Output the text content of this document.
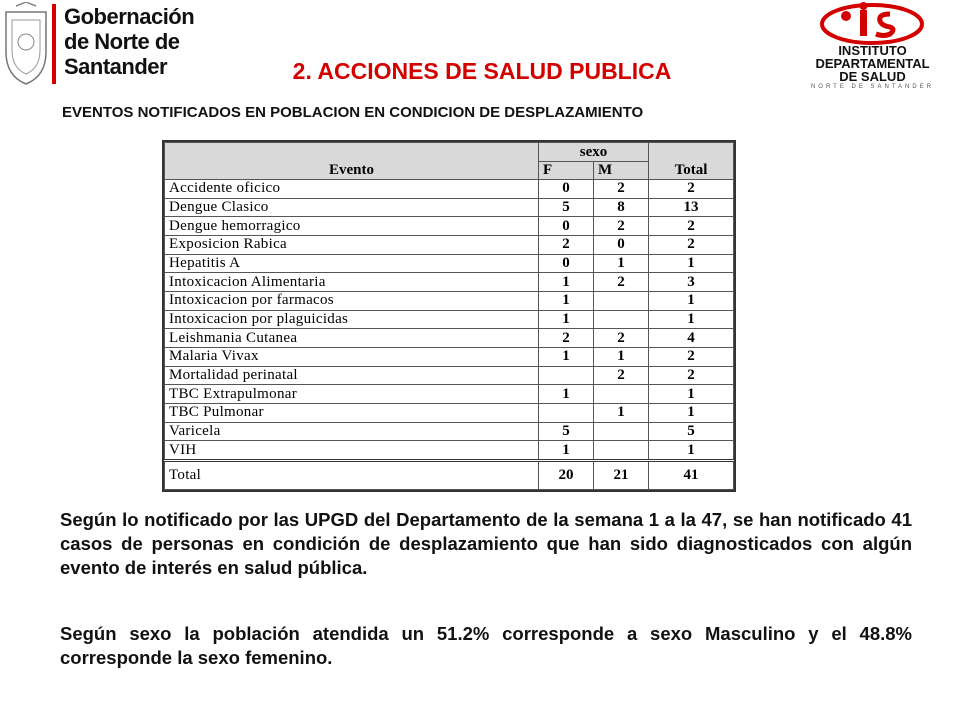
Gobernación
de Norte de
Santander
INSTITUTO
DEPARTAMENTAL
DE SALUD
NORTE DE SANTANDER
2. ACCIONES DE SALUD PUBLICA
EVENTOS NOTIFICADOS EN POBLACION EN CONDICION DE DESPLAZAMIENTO
Evento	sexo		Total
	F	M	
Accidente oficico	0	2	2
Dengue Clasico	5	8	13
Dengue hemorragico	0	2	2
Exposicion Rabica	2	0	2
Hepatitis A	0	1	1
Intoxicacion Alimentaria	1	2	3
Intoxicacion por farmacos	1		1
Intoxicacion por plaguicidas	1		1
Leishmania Cutanea	2	2	4
Malaria Vivax	1	1	2
Mortalidad perinatal		2	2
TBC Extrapulmonar	1		1
TBC Pulmonar		1	1
Varicela	5		5
VIH	1		1
Total	20	21	41
Según lo notificado por las UPGD del Departamento de la semana 1 a la 47, se han notificado 41 casos de personas en condición de desplazamiento que han sido diagnosticados con algún evento de interés en salud pública.
Según sexo la población atendida un 51.2% corresponde a sexo Masculino y el 48.8% corresponde la sexo femenino.
